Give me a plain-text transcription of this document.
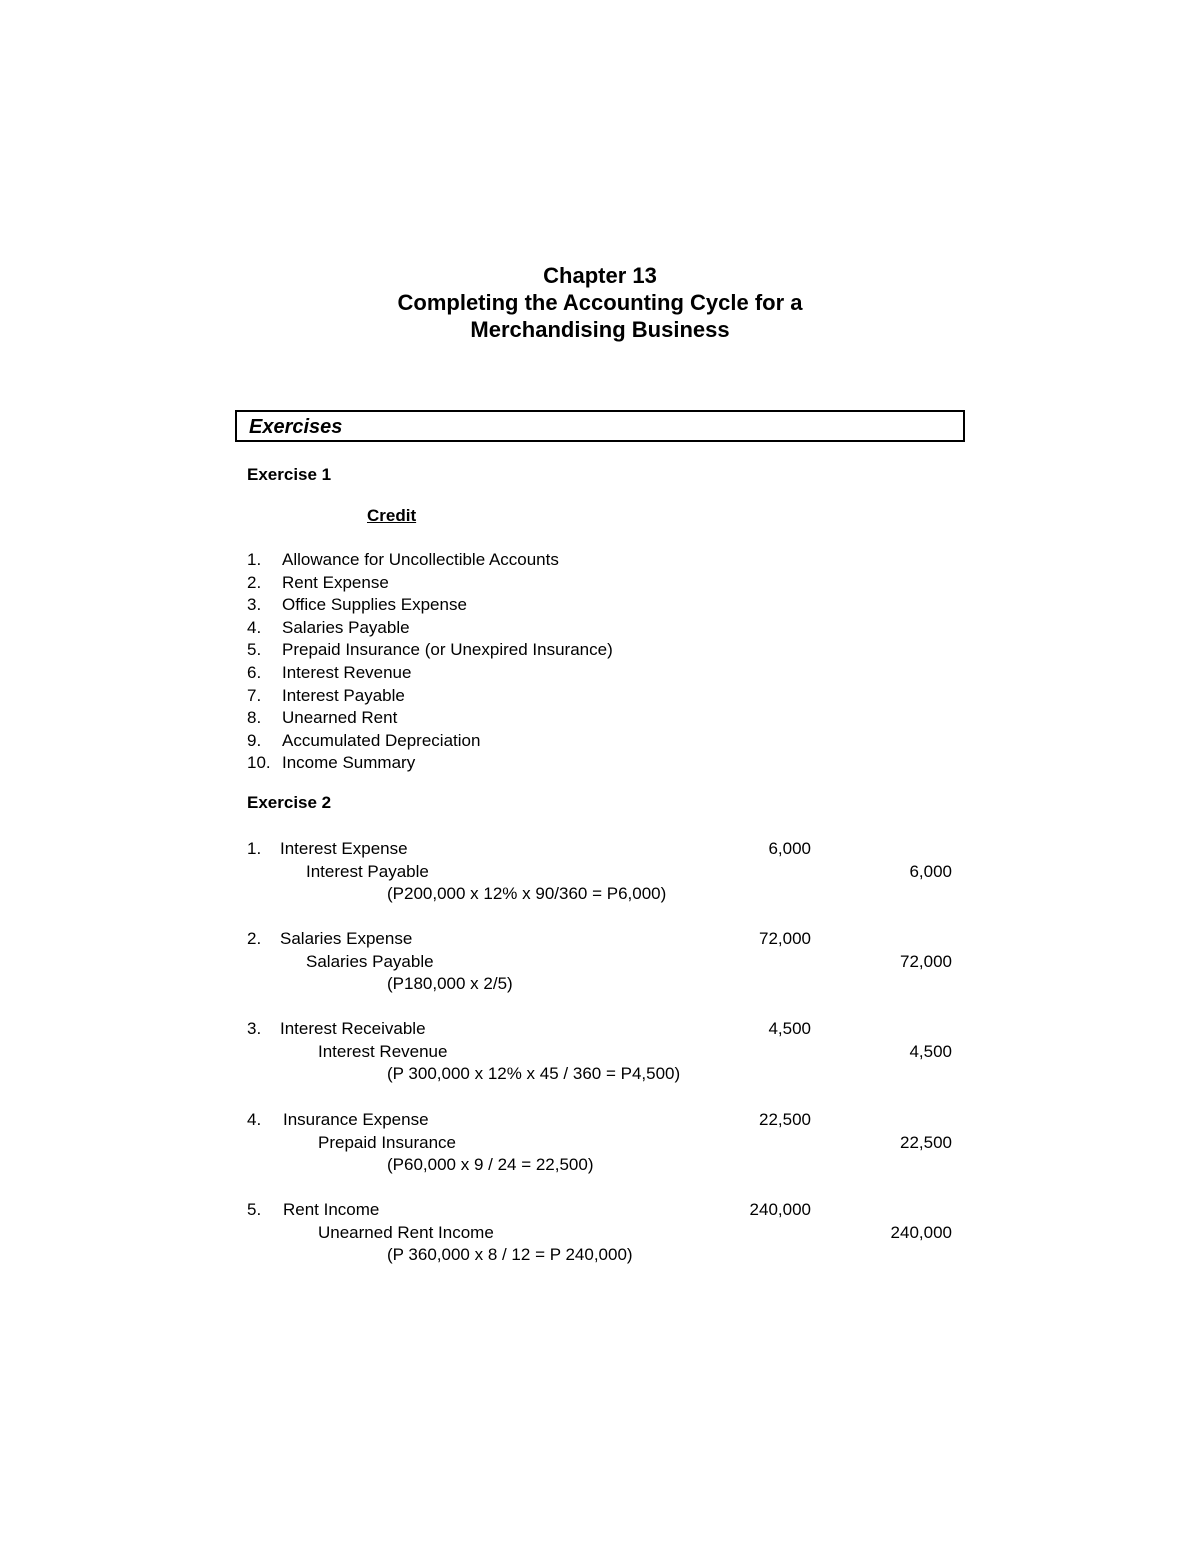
Chapter 13
Completing the Accounting Cycle for a
Merchandising Business
Exercises
Exercise 1
Credit
1. Allowance for Uncollectible Accounts
2. Rent Expense
3. Office Supplies Expense
4. Salaries Payable
5. Prepaid Insurance (or Unexpired Insurance)
6. Interest Revenue
7. Interest Payable
8. Unearned Rent
9. Accumulated Depreciation
10. Income Summary
Exercise 2
1. Interest Expense	6,000
Interest Payable	6,000
(P200,000 x 12% x 90/360 = P6,000)
2. Salaries Expense	72,000
Salaries Payable	72,000
(P180,000 x 2/5)
3. Interest Receivable	4,500
Interest Revenue	4,500
(P 300,000 x 12% x 45 / 360 = P4,500)
4. Insurance Expense	22,500
Prepaid Insurance	22,500
(P60,000 x 9 / 24 = 22,500)
5. Rent Income	240,000
Unearned Rent Income	240,000
(P 360,000 x 8 / 12 = P 240,000)
